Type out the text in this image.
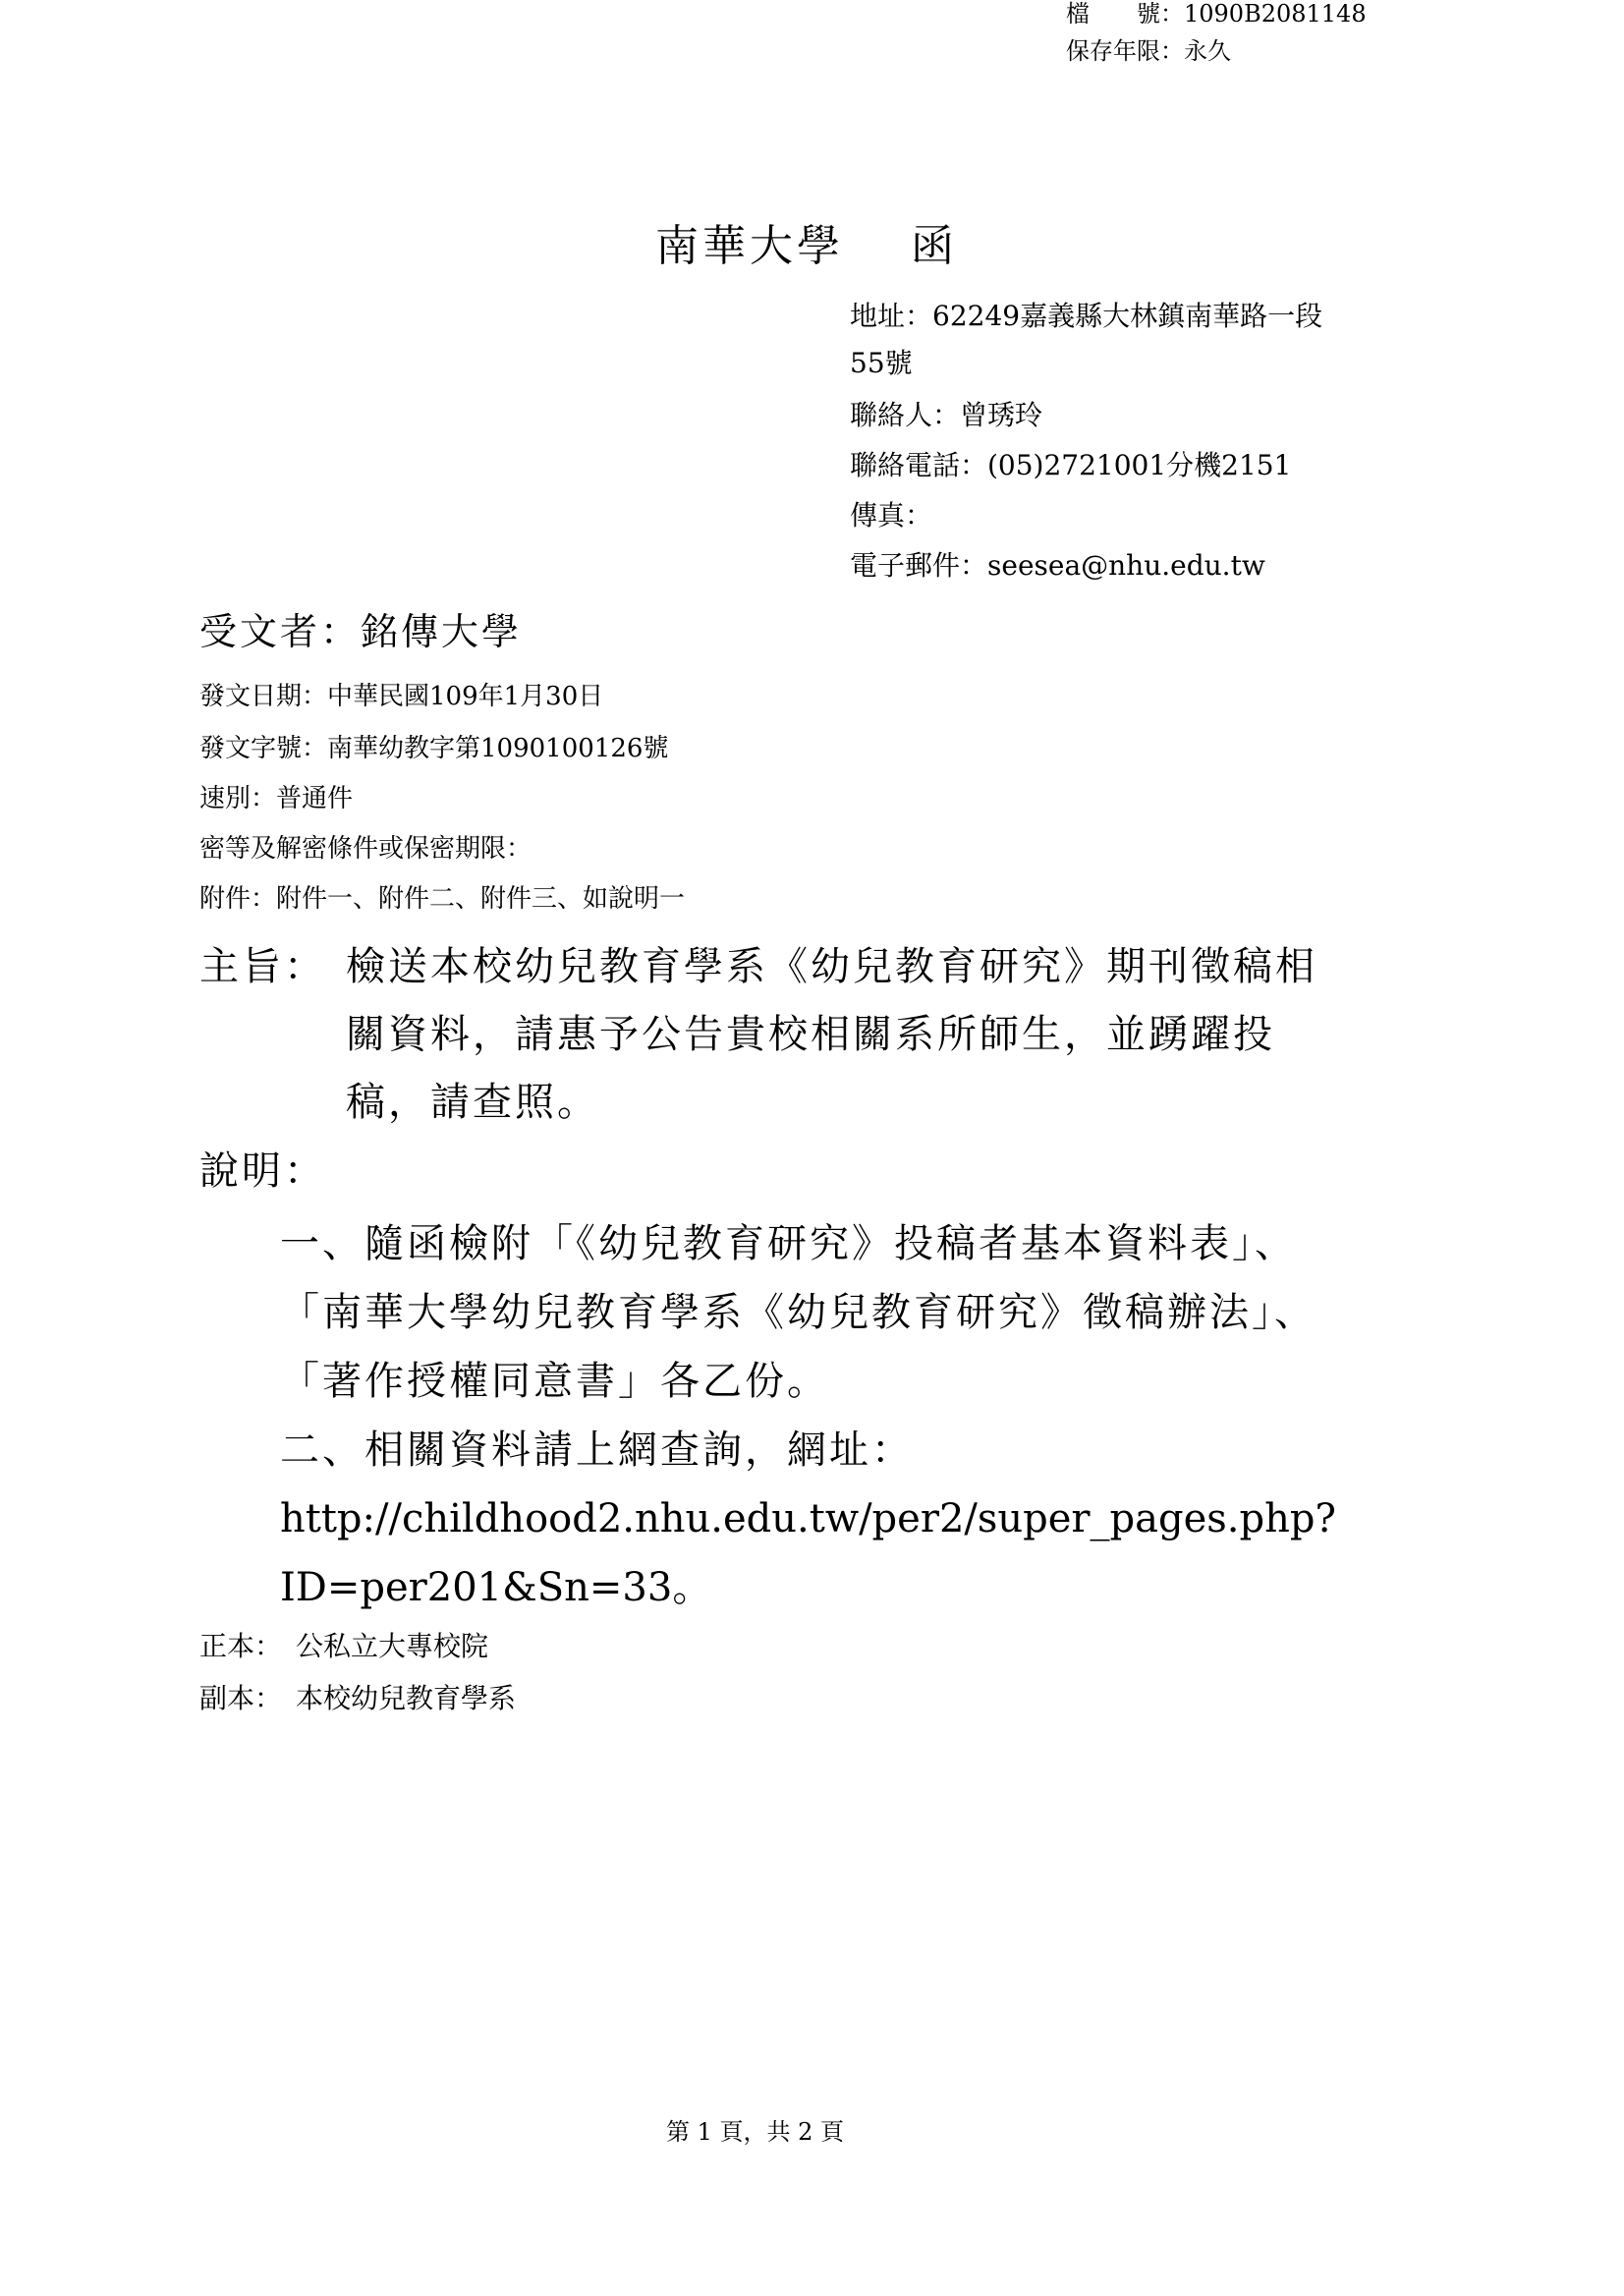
檔　　號：1090B2081148
保存年限：永久
南華大學 函
地址：62249嘉義縣大林鎮南華路一段
55號
聯絡人：曾琇玲
聯絡電話：(05)2721001分機2151
傳真：
電子郵件：seesea@nhu.edu.tw
受文者：銘傳大學
發文日期：中華民國109年1月30日
發文字號：南華幼教字第1090100126號
速別：普通件
密等及解密條件或保密期限：
附件：附件一、附件二、附件三、如說明一
主旨： 檢送本校幼兒教育學系《幼兒教育研究》期刊徵稿相
關資料，請惠予公告貴校相關系所師生，並踴躍投
稿，請查照。
說明：
一、隨函檢附「《幼兒教育研究》投稿者基本資料表」、
「南華大學幼兒教育學系《幼兒教育研究》徵稿辦法」、
「著作授權同意書」各乙份。
二、相關資料請上網查詢，網址：
http://childhood2.nhu.edu.tw/per2/super_pages.php?
ID=per201&Sn=33。
正本：　公私立大專校院
副本：　本校幼兒教育學系
第 1 頁，共 2 頁
